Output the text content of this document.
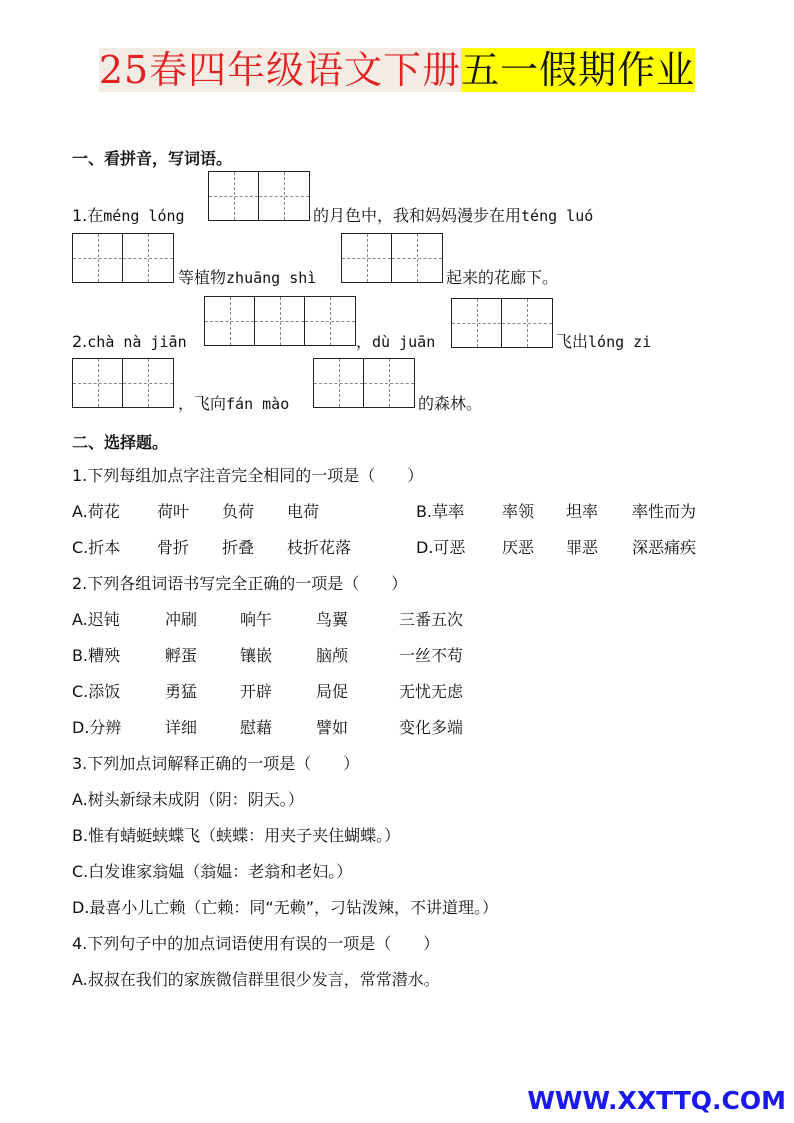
25春四年级语文下册五一假期作业
一、看拼音，写词语。
1.在méng lóng	的月色中，我和妈妈漫步在用téng luó
等植物zhuāng shì	起来的花廊下。
2.chà nà jiān	，dù juān	飞出lóng zi
，飞向fán mào	的森林。
二、选择题。
1.下列每组加点字注音完全相同的一项是（　　）
A.荷花 荷叶 负荷 电荷	B.草率 率领 坦率 率性而为
C.折本 骨折 折叠 枝折花落	D.可恶 厌恶 罪恶 深恶痛疾
2.下列各组词语书写完全正确的一项是（　　）
A.迟钝	冲刷	响午	鸟翼	三番五次
B.糟殃	孵蛋	镶嵌	脑颅	一丝不苟
C.添饭	勇猛	开辟	局促	无忧无虑
D.分辨	详细	慰藉	譬如	变化多端
3.下列加点词解释正确的一项是（　　）
A.树头新绿未成阴（阴：阴天。）
B.惟有蜻蜓蛱蝶飞（蛱蝶：用夹子夹住蝴蝶。）
C.白发谁家翁媪（翁媪：老翁和老妇。）
D.最喜小儿亡赖（亡赖：同“无赖”，刁钻泼辣，不讲道理。）
4.下列句子中的加点词语使用有误的一项是（　　）
A.叔叔在我们的家族微信群里很少发言，常常潜水。
WWW.XXTTQ.COM
